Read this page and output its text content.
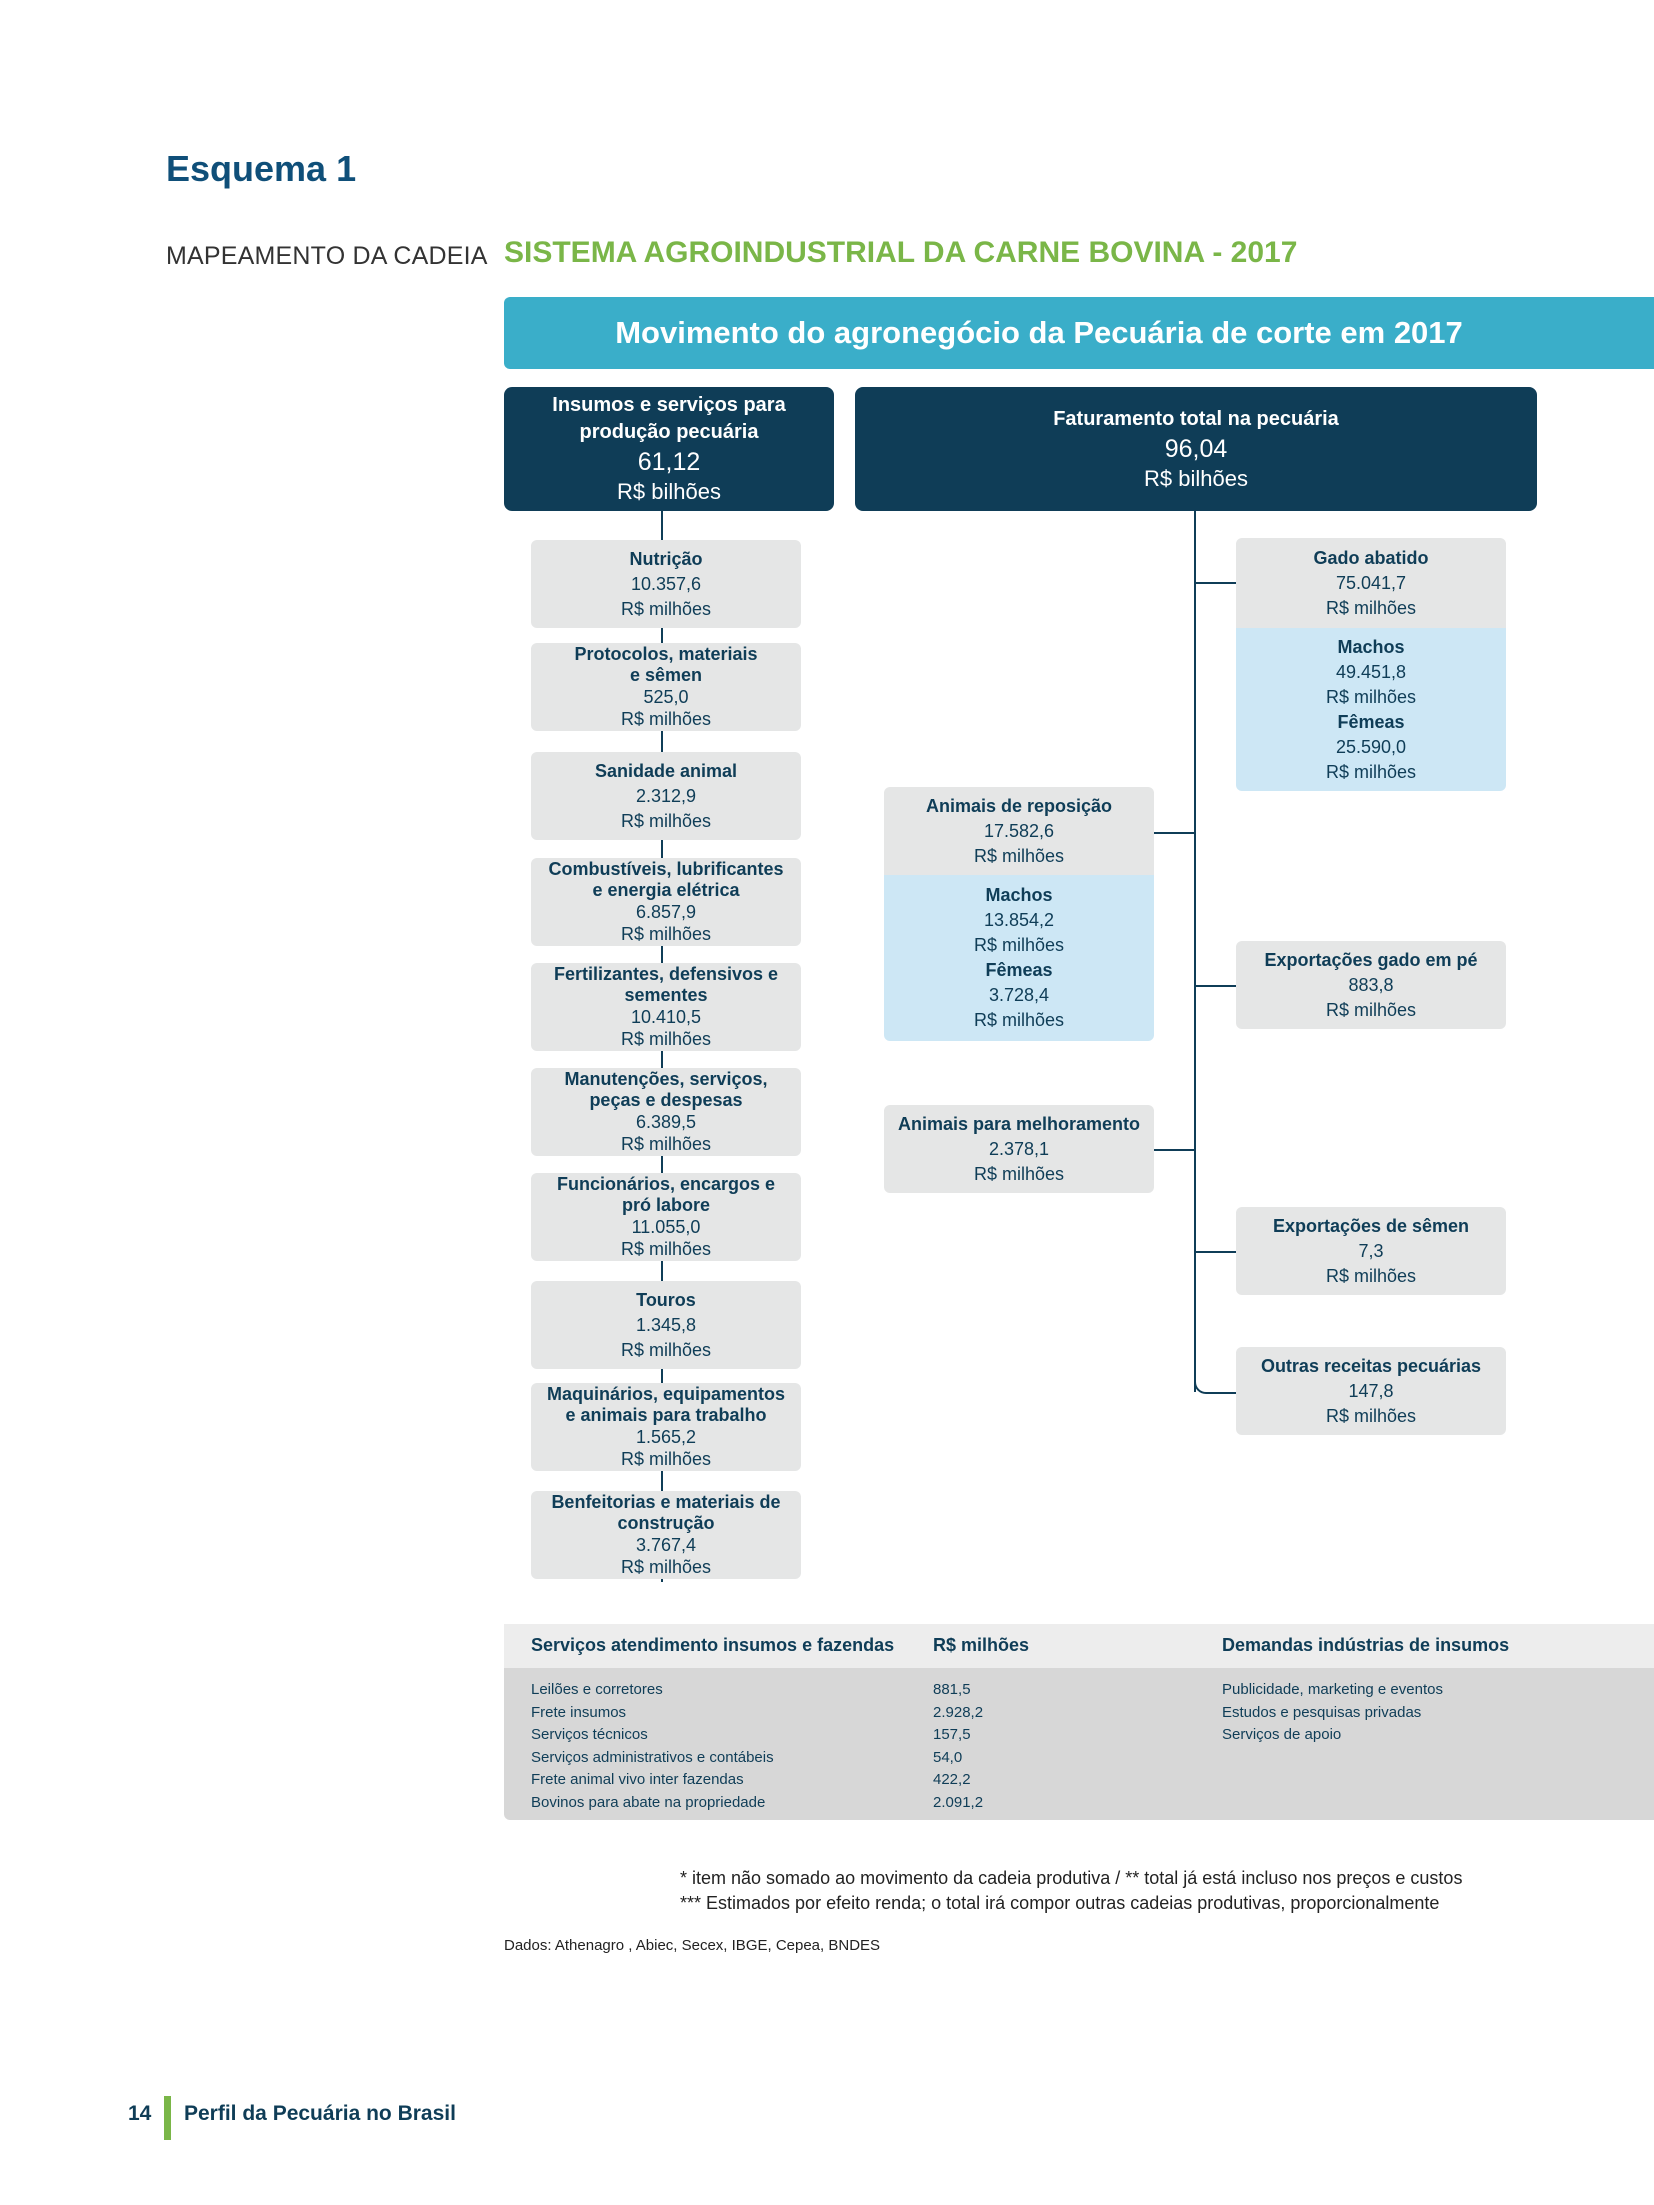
Esquema 1
MAPEAMENTO DA CADEIA SISTEMA AGROINDUSTRIAL DA CARNE BOVINA - 2017
Movimento do agronegócio da Pecuária de corte em 2017
Insumos e serviços para
produção pecuária
61,12
R$ bilhões
Faturamento total na pecuária
96,04
R$ bilhões
Nutrição
10.357,6
R$ milhões
Protocolos, materiais
e sêmen
525,0
R$ milhões
Sanidade animal
2.312,9
R$ milhões
Combustíveis, lubrificantes
e energia elétrica
6.857,9
R$ milhões
Fertilizantes, defensivos e
sementes
10.410,5
R$ milhões
Manutenções, serviços,
peças e despesas
6.389,5
R$ milhões
Funcionários, encargos e
pró labore
11.055,0
R$ milhões
Touros
1.345,8
R$ milhões
Maquinários, equipamentos
e animais para trabalho
1.565,2
R$ milhões
Benfeitorias e materiais de
construção
3.767,4
R$ milhões
Gado abatido
75.041,7
R$ milhões
Machos
49.451,8
R$ milhões
Fêmeas
25.590,0
R$ milhões
Animais de reposição
17.582,6
R$ milhões
Machos
13.854,2
R$ milhões
Fêmeas
3.728,4
R$ milhões
Exportações gado em pé
883,8
R$ milhões
Animais para melhoramento
2.378,1
R$ milhões
Exportações de sêmen
7,3
R$ milhões
Outras receitas pecuárias
147,8
R$ milhões
Serviços atendimento insumos e fazendas R$ milhões	Demandas indústrias de insumos
Leilões e corretores
Frete insumos
Serviços técnicos
Serviços administrativos e contábeis
Frete animal vivo inter fazendas
Bovinos para abate na propriedade
881,5
2.928,2
157,5
54,0
422,2
2.091,2
Publicidade, marketing e eventos
Estudos e pesquisas privadas
Serviços de apoio
* item não somado ao movimento da cadeia produtiva / ** total já está incluso nos preços e custos
*** Estimados por efeito renda; o total irá compor outras cadeias produtivas, proporcionalmente
Dados: Athenagro , Abiec, Secex, IBGE, Cepea, BNDES
14 Perfil da Pecuária no Brasil
